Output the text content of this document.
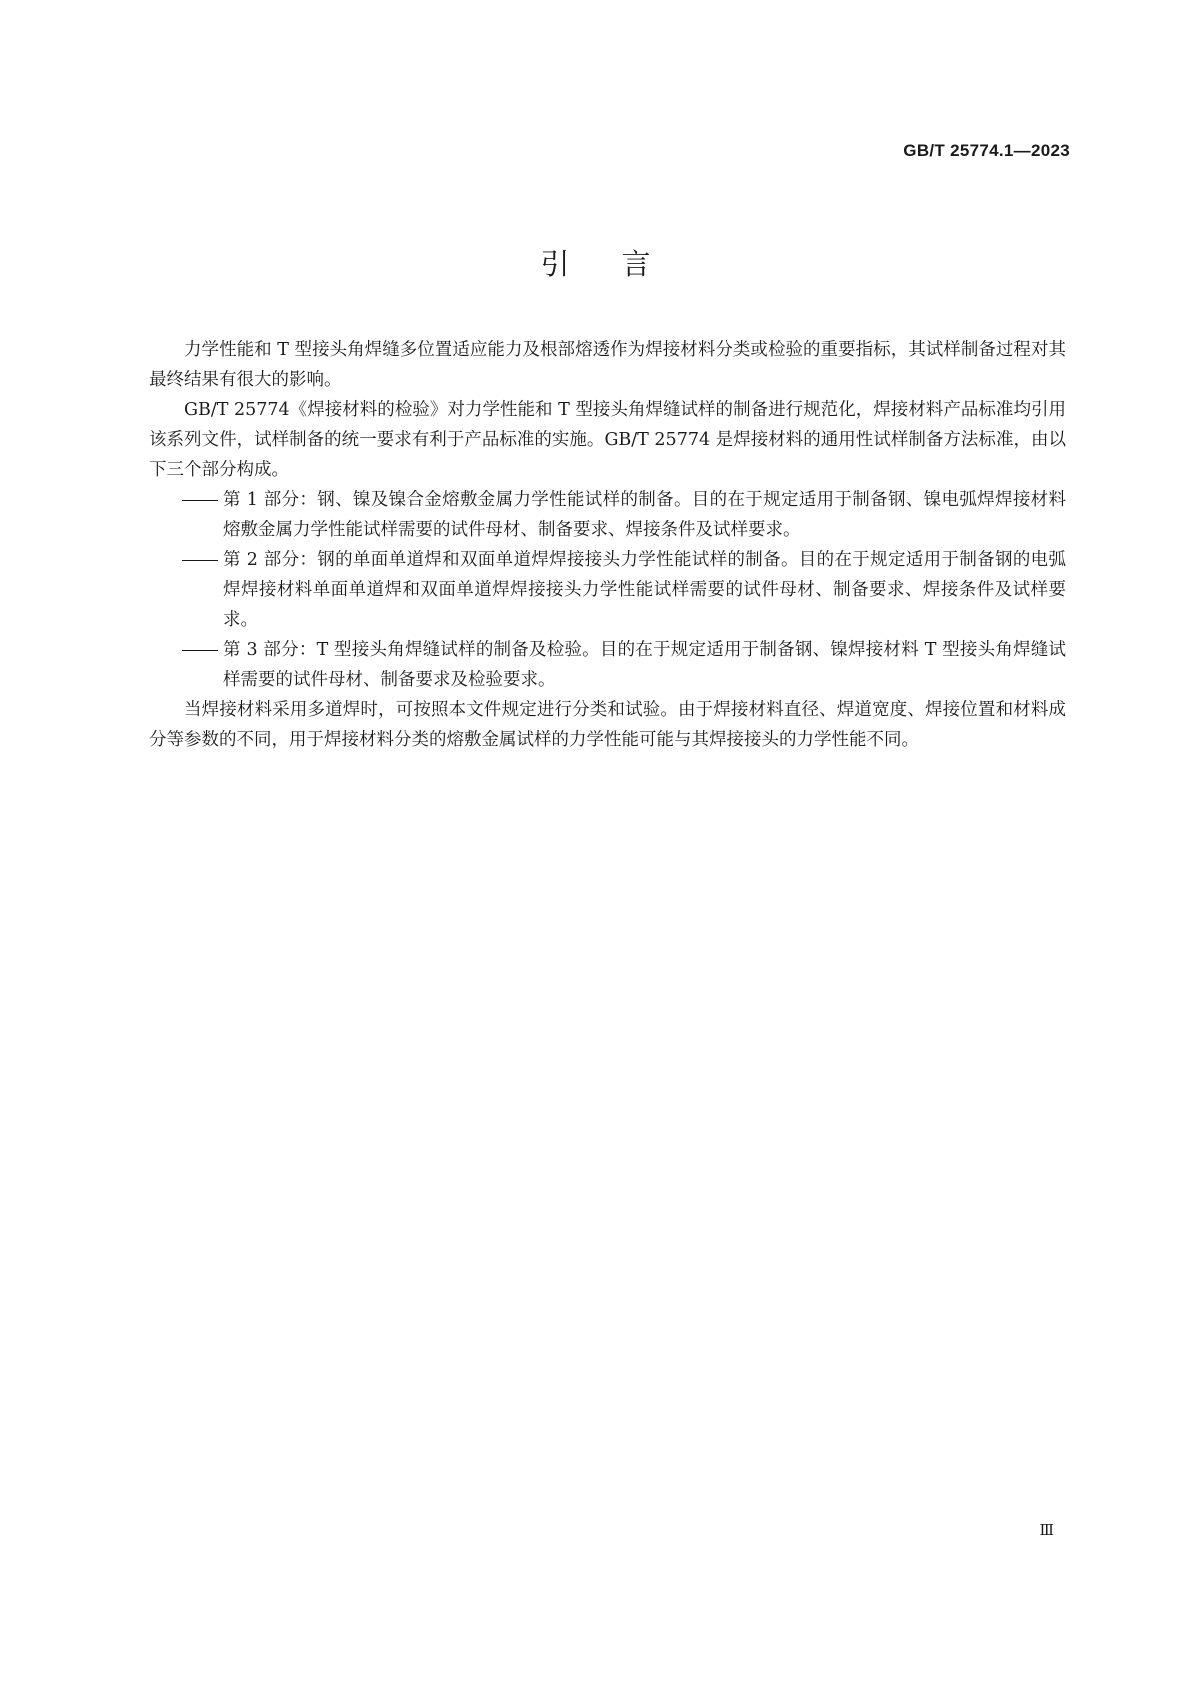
GB/T 25774.1—2023
引言

力学性能和 T 型接头角焊缝多位置适应能力及根部熔透作为焊接材料分类或检验的重要指标，其试样制备过程对其最终结果有很大的影响。

GB/T 25774《焊接材料的检验》对力学性能和 T 型接头角焊缝试样的制备进行规范化，焊接材料产品标准均引用该系列文件，试样制备的统一要求有利于产品标准的实施。GB/T 25774 是焊接材料的通用性试样制备方法标准，由以下三个部分构成。

第 1 部分：钢、镍及镍合金熔敷金属力学性能试样的制备。目的在于规定适用于制备钢、镍电弧焊焊接材料熔敷金属力学性能试样需要的试件母材、制备要求、焊接条件及试样要求。
第 2 部分：钢的单面单道焊和双面单道焊焊接接头力学性能试样的制备。目的在于规定适用于制备钢的电弧焊焊接材料单面单道焊和双面单道焊焊接接头力学性能试样需要的试件母材、制备要求、焊接条件及试样要求。
第 3 部分：T 型接头角焊缝试样的制备及检验。目的在于规定适用于制备钢、镍焊接材料 T 型接头角焊缝试样需要的试件母材、制备要求及检验要求。

当焊接材料采用多道焊时，可按照本文件规定进行分类和试验。由于焊接材料直径、焊道宽度、焊接位置和材料成分等参数的不同，用于焊接材料分类的熔敷金属试样的力学性能可能与其焊接接头的力学性能不同。

Ⅲ
